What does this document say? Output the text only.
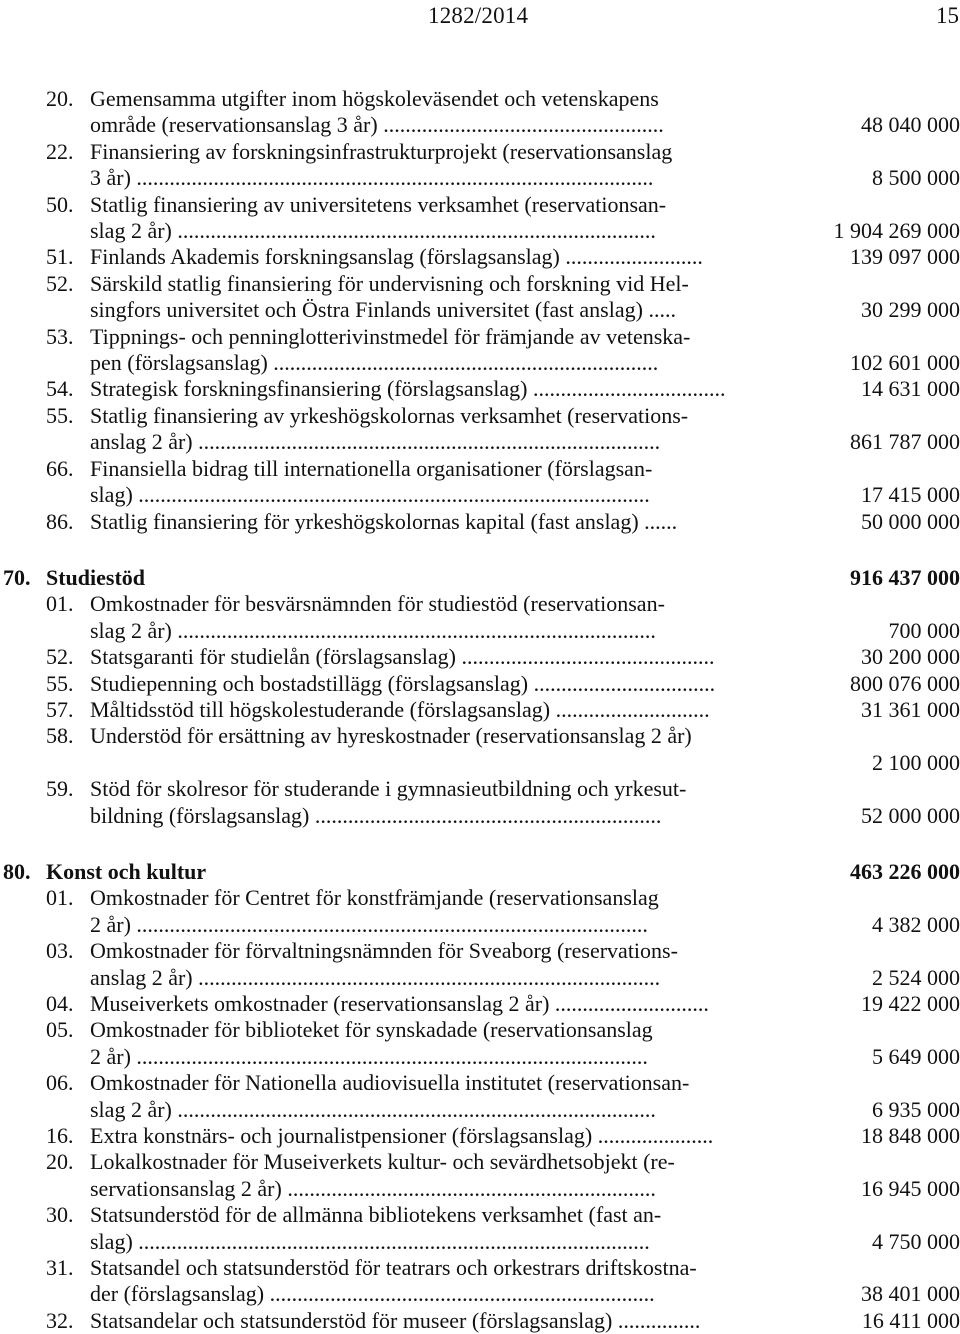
1282/2014	15
20. Gemensamma utgifter inom högskoleväsendet och vetenskapens
område (reservationsanslag 3 år) ...................................................	48 040 000
22. Finansiering av forskningsinfrastrukturprojekt (reservationsanslag
3 år) ..............................................................................................	8 500 000
50. Statlig finansiering av universitetens verksamhet (reservationsan-
slag 2 år) .......................................................................................	1 904 269 000
51. Finlands Akademis forskningsanslag (förslagsanslag) .........................	139 097 000
52. Särskild statlig finansiering för undervisning och forskning vid Hel-
singfors universitet och Östra Finlands universitet (fast anslag) .....	30 299 000
53. Tippnings- och penninglotterivinstmedel för främjande av vetenska-
pen (förslagsanslag) ......................................................................	102 601 000
54. Strategisk forskningsfinansiering (förslagsanslag) ...................................	14 631 000
55. Statlig finansiering av yrkeshögskolornas verksamhet (reservations-
anslag 2 år) ....................................................................................	861 787 000
66. Finansiella bidrag till internationella organisationer (förslagsan-
slag) .............................................................................................	17 415 000
86. Statlig finansiering för yrkeshögskolornas kapital (fast anslag) ......	50 000 000
70. Studiestöd	916 437 000
01. Omkostnader för besvärsnämnden för studiestöd (reservationsan-
slag 2 år) .......................................................................................	700 000
52. Statsgaranti för studielån (förslagsanslag) ..............................................	30 200 000
55. Studiepenning och bostadstillägg (förslagsanslag) .................................	800 076 000
57. Måltidsstöd till högskolestuderande (förslagsanslag) ............................	31 361 000
58. Understöd för ersättning av hyreskostnader (reservationsanslag 2 år)

2 100 000
59. Stöd för skolresor för studerande i gymnasieutbildning och yrkesut-
bildning (förslagsanslag) ...............................................................	52 000 000
80. Konst och kultur	463 226 000
01. Omkostnader för Centret för konstfrämjande (reservationsanslag
2 år) .............................................................................................	4 382 000
03. Omkostnader för förvaltningsnämnden för Sveaborg (reservations-
anslag 2 år) ....................................................................................	2 524 000
04. Museiverkets omkostnader (reservationsanslag 2 år) ............................	19 422 000
05. Omkostnader för biblioteket för synskadade (reservationsanslag
2 år) .............................................................................................	5 649 000
06. Omkostnader för Nationella audiovisuella institutet (reservationsan-
slag 2 år) .......................................................................................	6 935 000
16. Extra konstnärs- och journalistpensioner (förslagsanslag) .....................	18 848 000
20. Lokalkostnader för Museiverkets kultur- och sevärdhetsobjekt (re-
servationsanslag 2 år) ...................................................................	16 945 000
30. Statsunderstöd för de allmänna bibliotekens verksamhet (fast an-
slag) .............................................................................................	4 750 000
31. Statsandel och statsunderstöd för teatrars och orkestrars driftskostna-
der (förslagsanslag) ......................................................................	38 401 000
32. Statsandelar och statsunderstöd för museer (förslagsanslag) ...............	16 411 000
